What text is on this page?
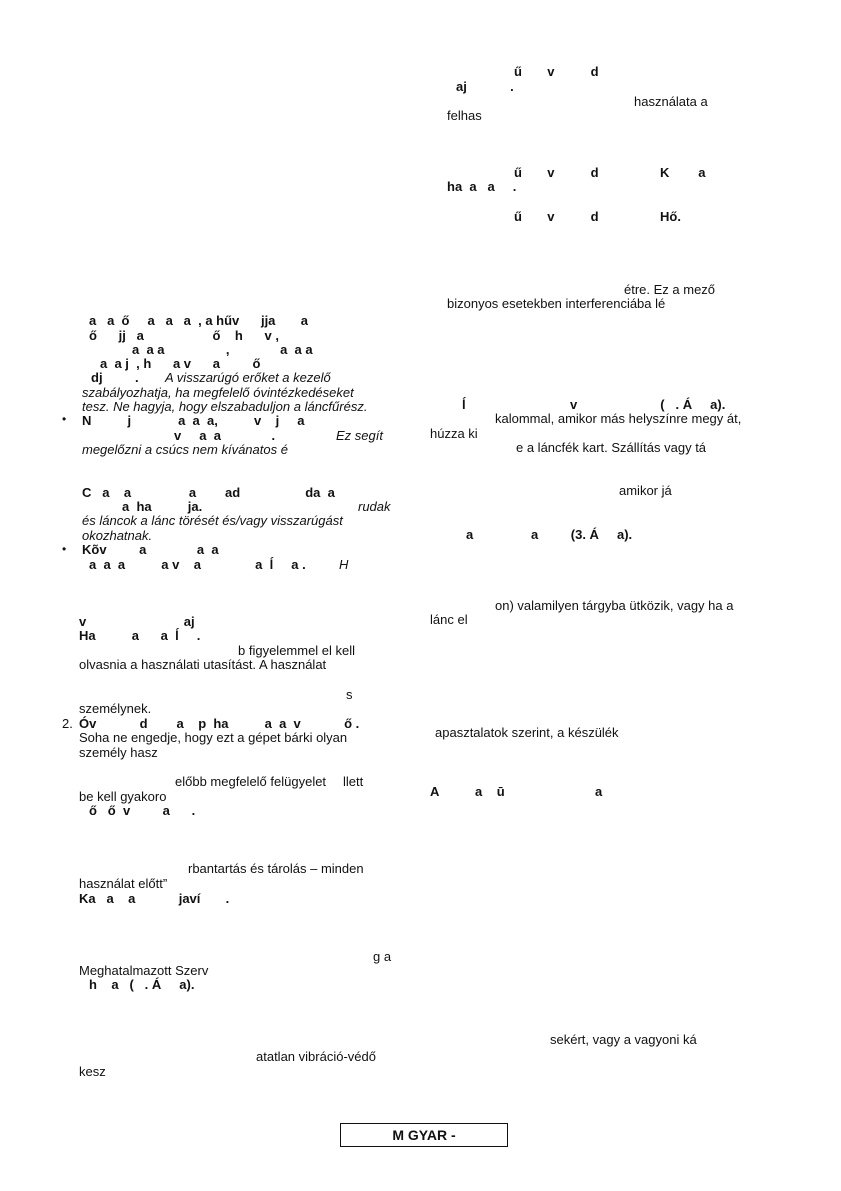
a   a  ő     a   a   a  , a hűv      jja       a
ő      jj   a                   ő    h      v ,
a  a a                 ,              a  a a
a  a j  , h      a v      a         ő
dj         . A visszarúgó erőket a kezelő
szabályozhatja, ha megfelelő óvintézkedéseket
tesz. Ne hagyja, hogy elszabaduljon a láncfűrész.
• N          j             a  a  a,          v    j     a
v     a  a              .	Ez segít
megelőzni a csúcs nem kívánatos é
C   a    a                a        ad                  da  a
a  ha          ja.	rudak
és láncok a lánc törését és/vagy visszarúgást
okozhatnak.
• Kõv         a              a  a
a  a  a          a v    a               a  ĺ     a .	H
v                           aj
Ha          a      a  ĺ     .
b figyelemmel el kell
olvasnia a használati utasítást. A használat
s
személynek.
2. Óv            d        a    p  ha          a  a  v            ő .
Soha ne engedje, hogy ezt a gépet bárki olyan
személy hasz
előbb megfelelő felügyelet llett
be kell gyakoro
ő   ő  v         a      .
rbantartás és tárolás – minden
használat előtt”
Ka   a    a            javí       .
g a
Meghatalmazott Szerv
h    a   (   . Á     a).
atatlan vibráció-védő
kesz
ű       v          d
aj            .
használata a
felhas
ű       v          d	K        a
ha  a   a     .
ű       v          d	Hő.
étre. Ez a mező
bizonyos esetekben interferenciába lé
ĺ	v                       (   . Á     a).
kalommal, amikor más helyszínre megy át,
húzza ki
e a láncfék kart. Szállítás vagy tá
amikor já
a                a         (3. Á     a).
on) valamilyen tárgyba ütközik, vagy ha a
lánc el
apasztalatok szerint, a készülék
A          a    ū                         a
sekért, vagy a vagyoni ká
M GYAR -
